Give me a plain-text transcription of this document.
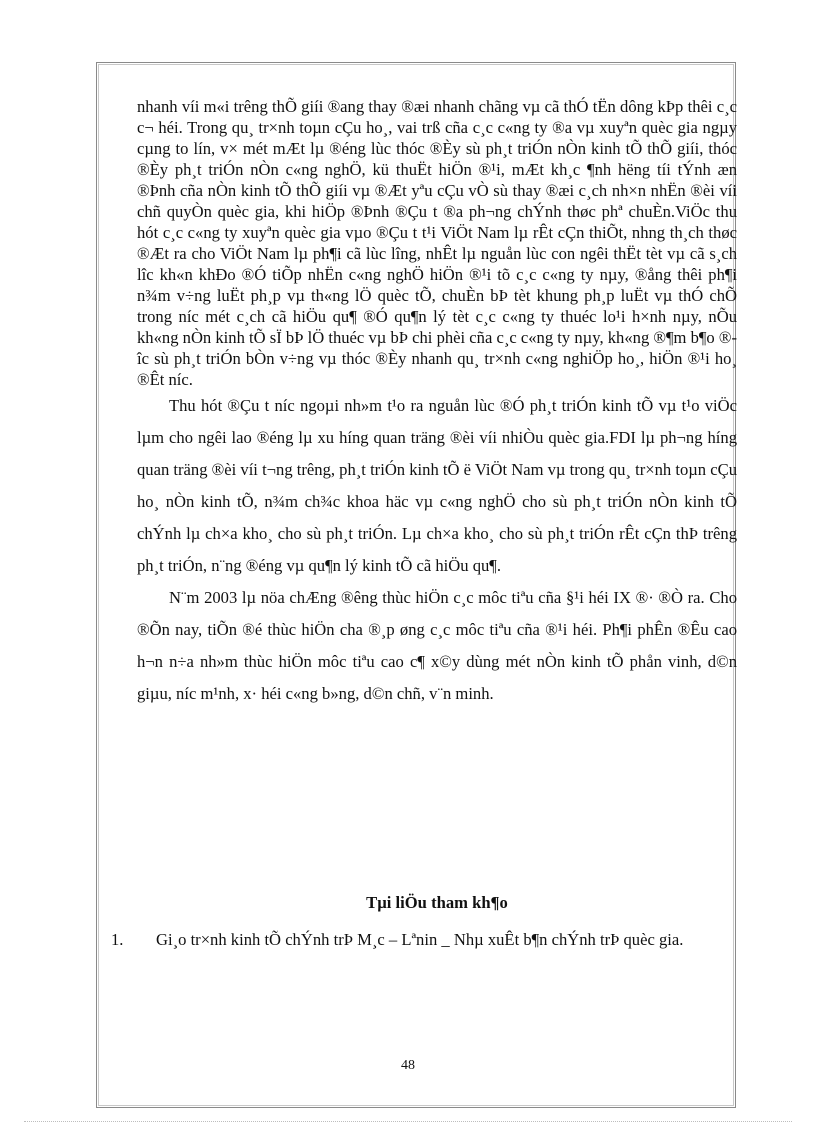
nhanh víi m«i trêng thÕ giíi ®ang thay ®æi nhanh chãng vµ cã thÓ tËn dông kÞp thêi c¸c c¬ héi. Trong qu¸ tr×nh toµn cÇu ho¸, vai trß cña c¸c c«ng ty ®a vµ xuyªn quèc gia ngµy cµng to lín, v× mét mÆt lµ ®éng lùc thóc ®Èy sù ph¸t triÓn nÒn kinh tÕ thÕ giíi, thóc ®Èy ph¸t triÓn nÒn c«ng nghÖ, kü thuËt hiÖn ®¹i, mÆt kh¸c ¶nh hëng tíi tÝnh æn ®Þnh cña nÒn kinh tÕ thÕ giíi vµ ®Æt yªu cÇu vÒ sù thay ®æi c¸ch nh×n nhËn ®èi víi chñ quyÒn quèc gia, khi hiÖp ®Þnh ®Çu t ®a ph¬ng chÝnh thøc phª chuÈn.ViÖc thu hót c¸c c«ng ty xuyªn quèc gia vµo ®Çu t t¹i ViÖt Nam lµ rÊt cÇn thiÕt, nhng th¸ch thøc ®Æt ra cho ViÖt Nam lµ ph¶i cã lùc lîng, nhÊt lµ nguån lùc con ngêi thËt tèt vµ cã s¸ch lîc kh«n khÐo ®Ó tiÕp nhËn c«ng nghÖ hiÖn ®¹i tõ c¸c c«ng ty nµy, ®ång thêi ph¶i n¾m v÷ng luËt ph¸p vµ th«ng lÖ quèc tÕ, chuÈn bÞ tèt khung ph¸p luËt vµ thÓ chÕ trong níc mét c¸ch cã hiÖu qu¶ ®Ó qu¶n lý tèt c¸c c«ng ty thuéc lo¹i h×nh nµy, nÕu kh«ng nÒn kinh tÕ sÏ bÞ lÖ thuéc vµ bÞ chi phèi cña c¸c c«ng ty nµy, kh«ng ®¶m b¶o ®îc sù ph¸t triÓn bÒn v÷ng vµ thóc ®Èy nhanh qu¸ tr×nh c«ng nghiÖp ho¸, hiÖn ®¹i ho¸ ®Êt níc.

Thu hót ®Çu t níc ngoµi nh»m t¹o ra nguån lùc ®Ó ph¸t triÓn kinh tÕ vµ t¹o viÖc lµm cho ngêi lao ®éng lµ xu híng quan träng ®èi víi nhiÒu quèc gia.FDI lµ ph¬ng híng quan träng ®èi víi t¬ng trêng, ph¸t triÓn kinh tÕ ë ViÖt Nam vµ trong qu¸ tr×nh toµn cÇu ho¸ nÒn kinh tÕ, n¾m ch¾c khoa häc vµ c«ng nghÖ cho sù ph¸t triÓn nÒn kinh tÕ chÝnh lµ ch×a kho¸ cho sù ph¸t triÓn. Lµ ch×a kho¸ cho sù ph¸t triÓn rÊt cÇn thÞ trêng ph¸t triÓn, n¨ng ®éng vµ qu¶n lý kinh tÕ cã hiÖu qu¶.

N¨m 2003 lµ nöa chÆng ®êng thùc hiÖn c¸c môc tiªu cña §¹i héi IX ®· ®Ò ra. Cho ®Õn nay, tiÕn ®é thùc hiÖn cha ®¸p øng c¸c môc tiªu cña ®¹i héi. Ph¶i phÊn ®Êu cao h¬n n÷a nh»m thùc hiÖn môc tiªu cao c¶ x©y dùng mét nÒn kinh tÕ phån vinh, d©n giµu, níc m¹nh, x· héi c«ng b»ng, d©n chñ, v¨n minh.

Tµi liÖu tham kh¶o
1.	Gi¸o tr×nh kinh tÕ chÝnh trÞ M¸c – Lªnin _ Nhµ xuÊt b¶n chÝnh trÞ quèc gia.
48
